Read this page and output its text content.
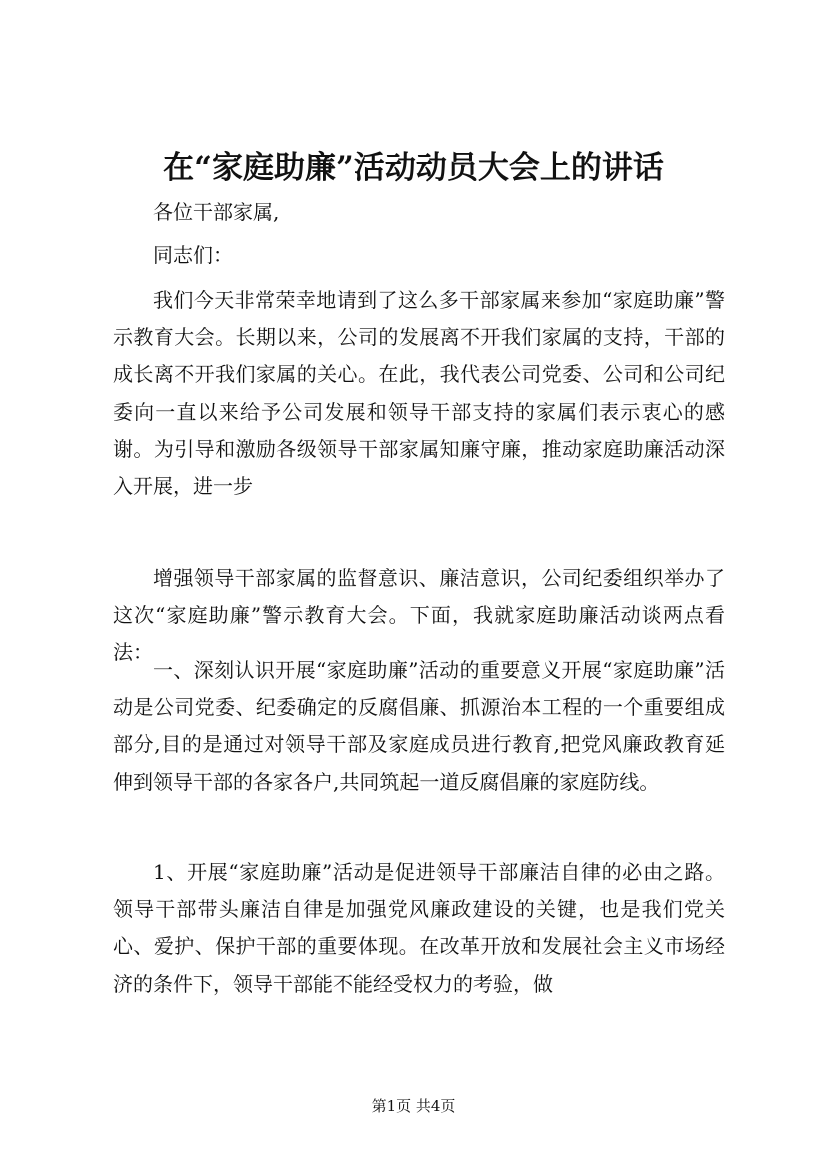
在“家庭助廉”活动动员大会上的讲话

各位干部家属,

同志们：

我们今天非常荣幸地请到了这么多干部家属来参加“家庭助廉”警示教育大会。长期以来，公司的发展离不开我们家属的支持，干部的成长离不开我们家属的关心。在此，我代表公司党委、公司和公司纪委向一直以来给予公司发展和领导干部支持的家属们表示衷心的感谢。为引导和激励各级领导干部家属知廉守廉，推动家庭助廉活动深入开展，进一步

增强领导干部家属的监督意识、廉洁意识，公司纪委组织举办了这次“家庭助廉”警示教育大会。下面，我就家庭助廉活动谈两点看法：

一、深刻认识开展“家庭助廉”活动的重要意义开展“家庭助廉”活动是公司党委、纪委确定的反腐倡廉、抓源治本工程的一个重要组成部分,目的是通过对领导干部及家庭成员进行教育,把党风廉政教育延伸到领导干部的各家各户,共同筑起一道反腐倡廉的家庭防线。

1、开展“家庭助廉”活动是促进领导干部廉洁自律的必由之路。领导干部带头廉洁自律是加强党风廉政建设的关键，也是我们党关心、爱护、保护干部的重要体现。在改革开放和发展社会主义市场经济的条件下，领导干部能不能经受权力的考验，做

第1页 共4页
